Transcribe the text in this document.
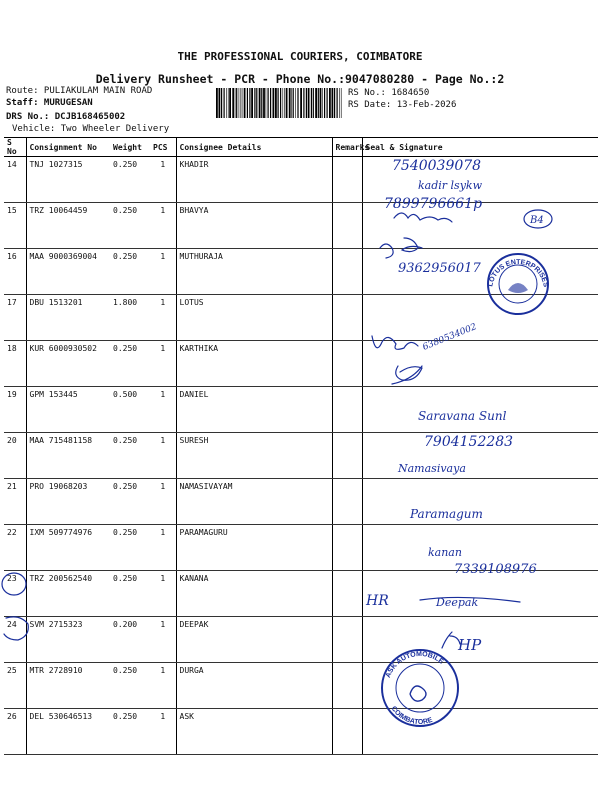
THE PROFESSIONAL COURIERS, COIMBATORE
Delivery Runsheet - PCR - Phone No.:9047080280 - Page No.:2
Route: PULIAKULAM MAIN ROAD
Staff: MURUGESAN
DRS No.: DCJB168465002
Vehicle: Two Wheeler Delivery
RS No.: 1684650
RS Date: 13-Feb-2026
S No	Consignment No	Weight	PCS	Consignee Details	Remarks	Seal & Signature
14	TNJ 1027315	0.250	1	KHADIR		
15	TRZ 10064459	0.250	1	BHAVYA		
16	MAA 9000369004	0.250	1	MUTHURAJA		
17	DBU 1513201	1.800	1	LOTUS		
18	KUR 6000930502	0.250	1	KARTHIKA		
19	GPM 153445	0.500	1	DANIEL		
20	MAA 715481158	0.250	1	SURESH		
21	PRO 19068203	0.250	1	NAMASIVAYAM		
22	IXM 509774976	0.250	1	PARAMAGURU		
23	TRZ 200562540	0.250	1	KANANA		
24	SVM 2715323	0.200	1	DEEPAK		
25	MTR 2728910	0.250	1	DURGA		
26	DEL 530646513	0.250	1	ASK		
LOTUS ENTERPRISES
ASK AUTOMOBILE
COIMBATORE
7540039078
kadir lsykw
7899796661p
B4
9362956017
6380534002
Saravana Sunl
7904152283
Namasivaya
Paramagum
kanan
7339108976
HR	Deepak
HP
